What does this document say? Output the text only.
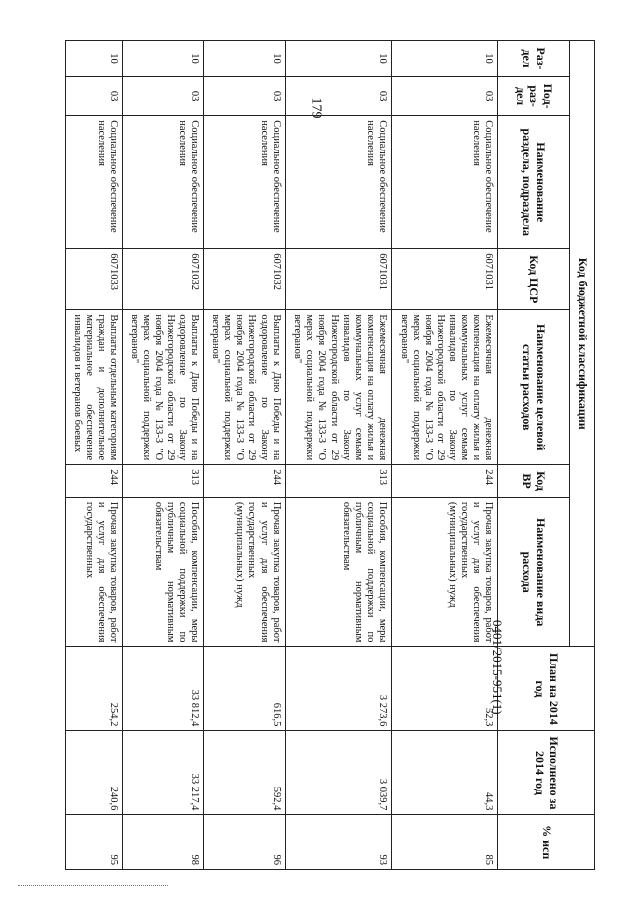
179
Код бюджетной классификации							План на 2014 год	Исполнено за 2014 год	% исп
Раз-дел	Под-раз-дел	Наименование раздела, подраздела	Код ЦСР	Наименование целевой статьи расходов	Код ВР	Наименование вида расхода			
10	03	Социальное обеспечение населения	6071031	Ежемесячная денежная компенсация на оплату жилья и коммунальных услуг семьям инвалидов по Закону Нижегородской области от 29 ноября 2004 года № 133-З "О мерах социальной поддержки ветеранов"	244	Прочая закупка товаров, работ и услуг для обеспечения государственных (муниципальных) нужд	52,3	44,3	85
10	03	Социальное обеспечение населения	6071031	Ежемесячная денежная компенсация на оплату жилья и коммунальных услуг семьям инвалидов по Закону Нижегородской области от 29 ноября 2004 года № 133-З "О мерах социальной поддержки ветеранов"	313	Пособия, компенсации, меры социальной поддержки по публичным нормативным обязательствам	3 273,6	3 039,7	93
10	03	Социальное обеспечение населения	6071032	Выплаты к Дню Победы и на оздоровление по Закону Нижегородской области от 29 ноября 2004 года № 133-З "О мерах социальной поддержки ветеранов"	244	Прочая закупка товаров, работ и услуг для обеспечения государственных (муниципальных) нужд	616,5	592,4	96
10	03	Социальное обеспечение населения	6071032	Выплаты к Дню Победы и на оздоровление по Закону Нижегородской области от 29 ноября 2004 года № 133-З "О мерах социальной поддержки ветеранов"	313	Пособия, компенсации, меры социальной поддержки по публичным нормативным обязательствам	33 812,4	33 217,4	98
10	03	Социальное обеспечение населения	6071033	Выплаты отдельным категориям граждан и дополнительное материальное обеспечение инвалидов и ветеранов боевых	244	Прочая закупка товаров, работ и услуг для обеспечения государственных	254,2	240,6	95
0401/2015-951(1)
